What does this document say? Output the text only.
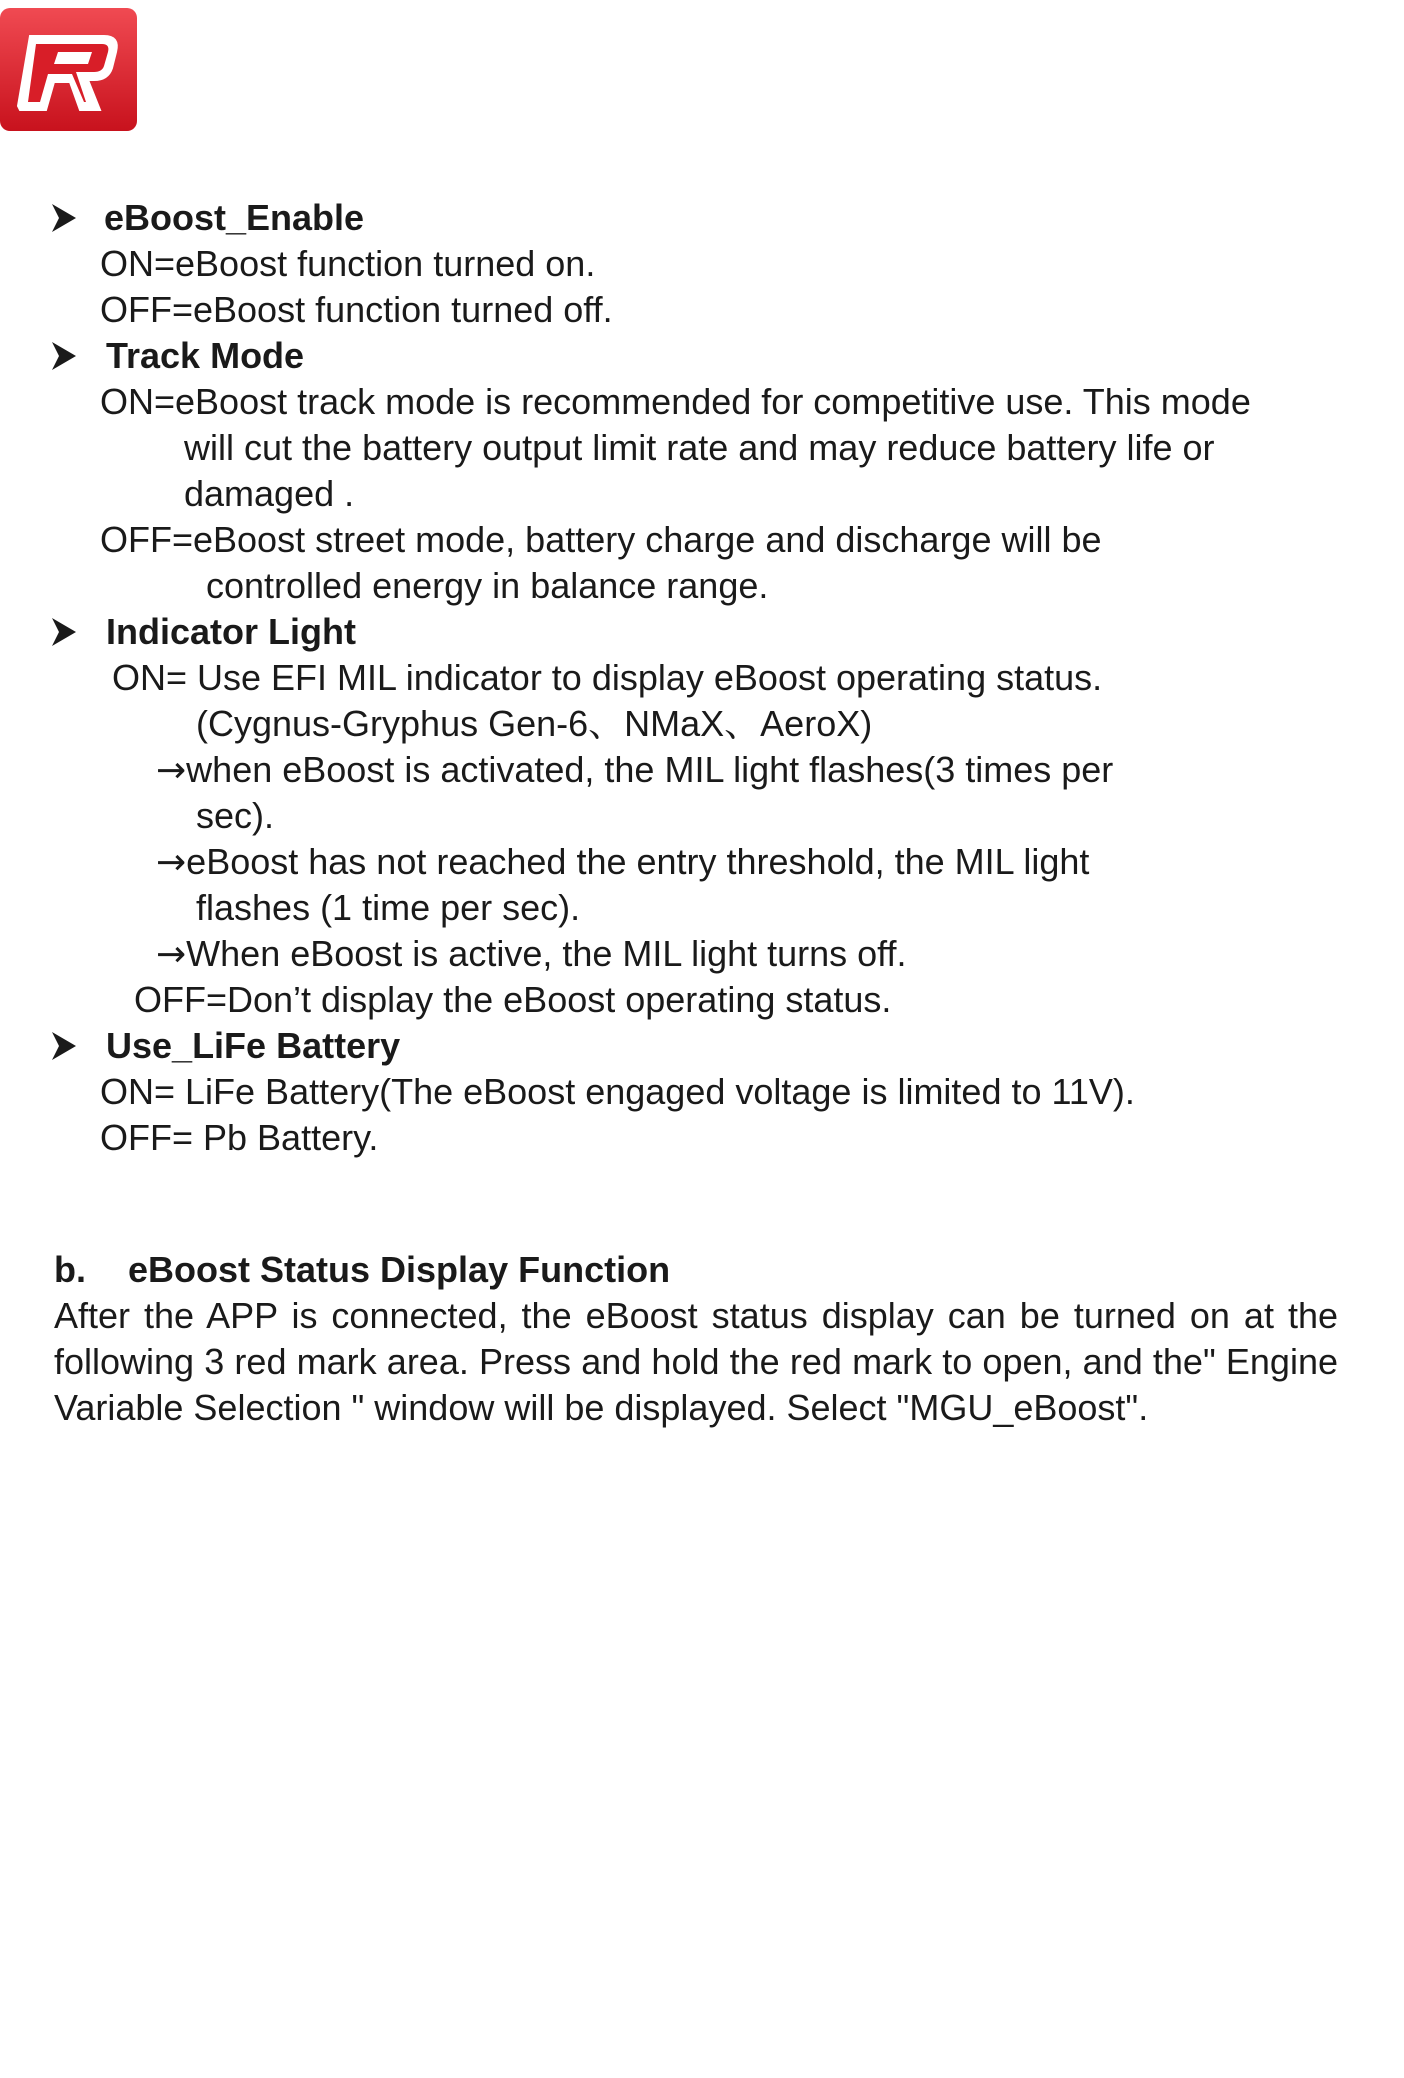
eBoost_Enable
ON=eBoost function turned on.
OFF=eBoost function turned off.
Track Mode
ON=eBoost track mode is recommended for competitive use. This mode
will cut the battery output limit rate and may reduce battery life or
damaged .
OFF=eBoost street mode, battery charge and discharge will be
controlled energy in balance range.
Indicator Light
ON= Use EFI MIL indicator to display eBoost operating status.
(Cygnus-Gryphus Gen-6、NMaX、AeroX)
→when eBoost is activated, the MIL light flashes(3 times per
sec).
→eBoost has not reached the entry threshold, the MIL light
flashes (1 time per sec).
→When eBoost is active, the MIL light turns off.
OFF=Don’t display the eBoost operating status.
Use_LiFe Battery
ON= LiFe Battery(The eBoost engaged voltage is limited to 11V).
OFF= Pb Battery.
b. eBoost Status Display Function
After the APP is connected, the eBoost status display can be turned on at the following 3 red mark area. Press and hold the red mark to open, and the" Engine Variable Selection " window will be displayed. Select "MGU_eBoost".
